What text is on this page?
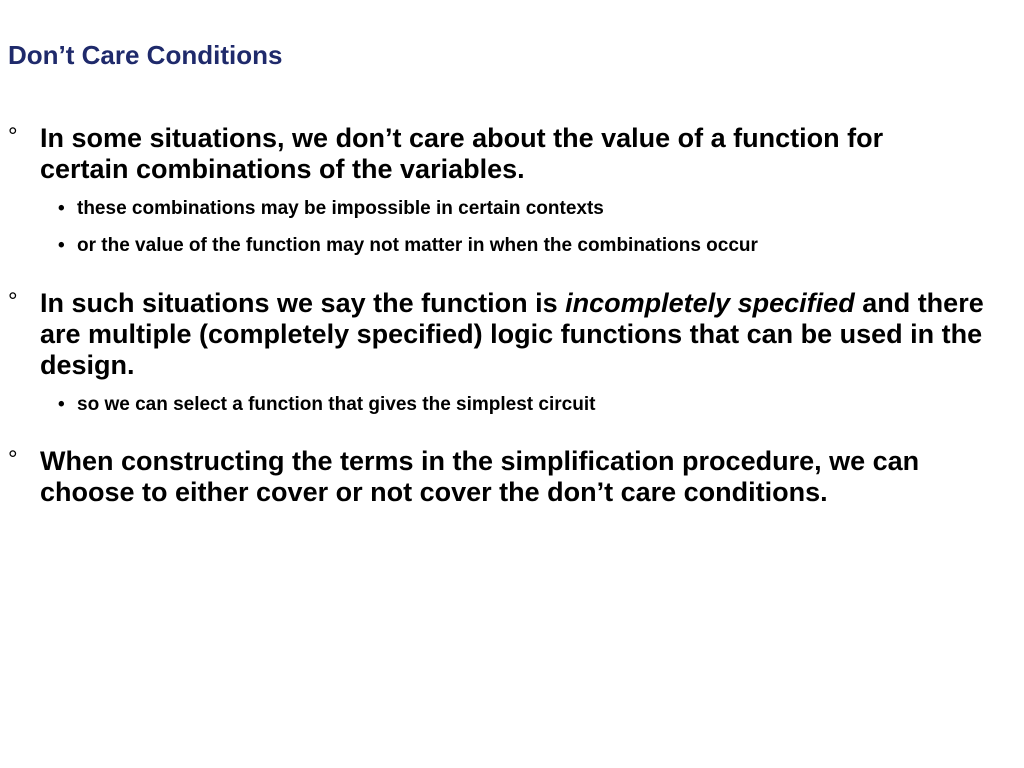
Don’t Care Conditions
° In some situations, we don’t care about the value of a function for certain combinations of the variables.
• these combinations may be impossible in certain contexts
• or the value of the function may not matter in when the combinations occur
° In such situations we say the function is incompletely specified and there are multiple (completely specified) logic functions that can be used in the design.
• so we can select a function that gives the simplest circuit
° When constructing the terms in the simplification procedure, we can choose to either cover or not cover the don’t care conditions.
